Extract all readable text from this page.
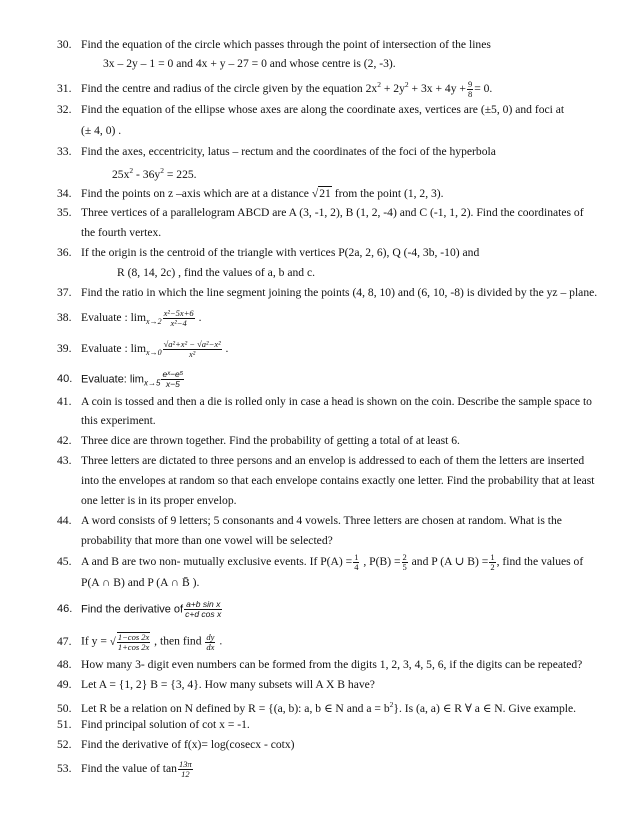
30. Find the equation of the circle which passes through the point of intersection of the lines
3x – 2y – 1 = 0 and 4x + y – 27 = 0 and whose centre is (2, -3).
31. Find the centre and radius of the circle given by the equation $2x^2 + 2y^2 + 3x + 4y + \frac{9}{8} = 0$.
32. Find the equation of the ellipse whose axes are along the coordinate axes, vertices are (±5, 0) and foci at
(± 4, 0) .
33. Find the axes, eccentricity, latus – rectum and the coordinates of the foci of the hyperbola
$25x^2 - 36y^2 = 225$.
34. Find the points on z –axis which are at a distance √21 from the point (1, 2, 3).
35. Three vertices of a parallelogram ABCD are A (3, -1, 2), B (1, 2, -4) and C (-1, 1, 2). Find the coordinates of
the fourth vertex.
36. If the origin is the centroid of the triangle with vertices P(2a, 2, 6), Q (-4, 3b, -10) and
R (8, 14, 2c) , find the values of a, b and c.
37. Find the ratio in which the line segment joining the points (4, 8, 10) and (6, 10, -8) is divided by the yz – plane.
38. Evaluate : $\lim_{x\to 2} \frac{\text{x²−5x+6}}{\text{x²−4}}$ .
39. Evaluate : $\lim_{x\to 0} \frac{\text{√a²+x² − √a²−x²}}{\text{x²}}$ .
40. Evaluate: $\lim_{x\to 5} \frac{\text{eˣ−e⁵}}{x-5}$
41. A coin is tossed and then a die is rolled only in case a head is shown on the coin. Describe the sample space to
this experiment.
42. Three dice are thrown together. Find the probability of getting a total of at least 6.
43. Three letters are dictated to three persons and an envelop is addressed to each of them the letters are inserted
into the envelopes at random so that each envelope contains exactly one letter. Find the probability that at least
one letter is in its proper envelop.
44. A word consists of 9 letters; 5 consonants and 4 vowels. Three letters are chosen at random. What is the
probability that more than one vowel will be selected?
45. A and B are two non- mutually exclusive events. If $P(A) = \frac{1}{4}$ , $P(B) = \frac{2}{5}$ and P (A ∪ $B) = \frac{1}{2}$ , find the values of
P(A ∩ B) and P (A ∩ B̄ ).
46. Find the derivative of $\frac{\text{a+b sin x}}{\text{c+d cos x}}$
47. If y = √ $\frac{1-\cos 2x}{1+\cos 2x}$ , then find $\frac{dy}{dx}$ .
48. How many 3- digit even numbers can be formed from the digits 1, 2, 3, 4, 5, 6, if the digits can be repeated?
49. Let A = {1, 2} B = {3, 4}. How many subsets will A X B have?
50. Let R be a relation on N defined by R = {(a, b): a, b ∈ N and $a = b^2$}. Is (a, a) ∈ R ∀ a ∈ N. Give example.
51. Find principal solution of cot x = -1.
52. Find the derivative of f(x)= log(cosecx - cotx)
53. Find the value of $\tan \frac{13\pi}{12}$
